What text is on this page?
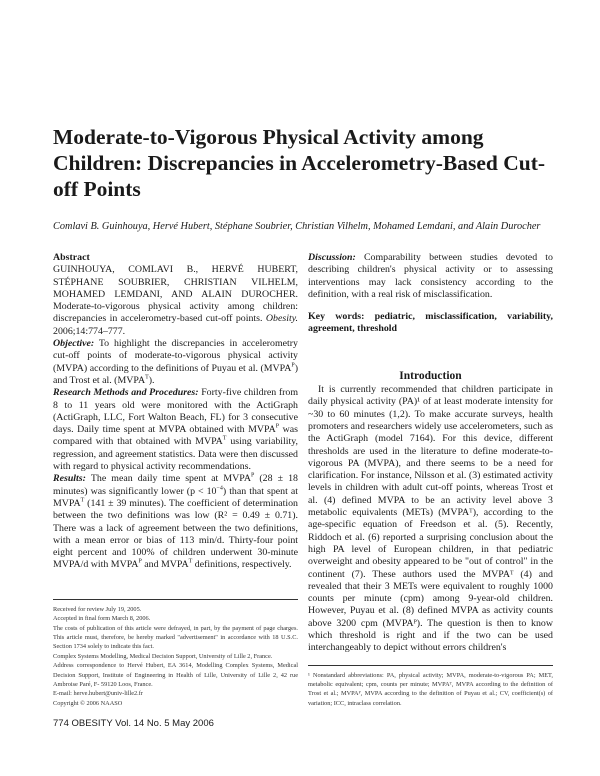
Moderate-to-Vigorous Physical Activity among Children: Discrepancies in Accelerometry-Based Cut-off Points
Comlavi B. Guinhouya, Hervé Hubert, Stéphane Soubrier, Christian Vilhelm, Mohamed Lemdani, and Alain Durocher

Abstract

GUINHOUYA, COMLAVI B., HERVÉ HUBERT, STÉPHANE SOUBRIER, CHRISTIAN VILHELM, MOHAMED LEMDANI, AND ALAIN DUROCHER. Moderate-to-vigorous physical activity among children: discrepancies in accelerometry-based cut-off points. Obesity. 2006;14:774–777.

Objective: To highlight the discrepancies in accelerometry cut-off points of moderate-to-vigorous physical activity (MVPA) according to the definitions of Puyau et al. $(MVPA^P)$ and Trost et al. $(MVPA^T)$.

Research Methods and Procedures: Forty-five children from 8 to 11 years old were monitored with the ActiGraph (ActiGraph, LLC, Fort Walton Beach, FL) for 3 consecutive days. Daily time spent at MVPA obtained with $MVPA^P$ was compared with that obtained with $MVPA^T$ using variability, regression, and agreement statistics. Data were then discussed with regard to physical activity recommendations.

Results: The mean daily time spent at $MVPA^P$ (28 ± 18 minutes) was significantly lower $(p < 10^{-4})$ than that spent at $MVPA^T$ (141 ± 39 minutes). The coefficient of determination between the two definitions was low (R² = 0.49 ± 0.71). There was a lack of agreement between the two definitions, with a mean error or bias of 113 min/d. Thirty-four point eight percent and 100% of children underwent 30-minute MVPA/d with $MVPA^P$ and $MVPA^T$ definitions, respectively.

Received for review July 19, 2005.
Accepted in final form March 8, 2006.
The costs of publication of this article were defrayed, in part, by the payment of page charges. This article must, therefore, be hereby marked "advertisement" in accordance with 18 U.S.C. Section 1734 solely to indicate this fact.
Complex Systems Modelling, Medical Decision Support, University of Lille 2, France.
Address correspondence to Hervé Hubert, EA 3614, Modelling Complex Systems, Medical Decision Support, Institute of Engineering in Health of Lille, University of Lille 2, 42 rue Ambroise Paré, F- 59120 Loos, France.
E-mail: herve.hubert@univ-lille2.fr
Copyright © 2006 NAASO

Discussion: Comparability between studies devoted to describing children's physical activity or to assessing interventions may lack consistency according to the definition, with a real risk of misclassification.

Key words: pediatric, misclassification, variability, agreement, threshold

Introduction

It is currently recommended that children participate in daily physical activity (PA)¹ of at least moderate intensity for ~30 to 60 minutes (1,2). To make accurate surveys, health promoters and researchers widely use accelerometers, such as the ActiGraph (model 7164). For this device, different thresholds are used in the literature to define moderate-to-vigorous PA (MVPA), and there seems to be a need for clarification. For instance, Nilsson et al. (3) estimated activity levels in children with adult cut-off points, whereas Trost et al. (4) defined MVPA to be an activity level above 3 metabolic equivalents (METs) (MVPAᵀ), according to the age-specific equation of Freedson et al. (5). Recently, Riddoch et al. (6) reported a surprising conclusion about the high PA level of European children, in that pediatric overweight and obesity appeared to be "out of control" in the continent (7). These authors used the MVPAᵀ (4) and revealed that their 3 METs were equivalent to roughly 1000 counts per minute (cpm) among 9-year-old children. However, Puyau et al. (8) defined MVPA as activity counts above 3200 cpm (MVPAᴾ). The question is then to know which threshold is right and if the two can be used interchangeably to depict without errors children's

¹ Nonstandard abbreviations: PA, physical activity; MVPA, moderate-to-vigorous PA; MET, metabolic equivalent; cpm, counts per minute; MVPAᵀ, MVPA according to the definition of Trost et al.; MVPAᴾ, MVPA according to the definition of Puyau et al.; CV, coefficient(s) of variation; ICC, intraclass correlation.
774 OBESITY Vol. 14 No. 5 May 2006
